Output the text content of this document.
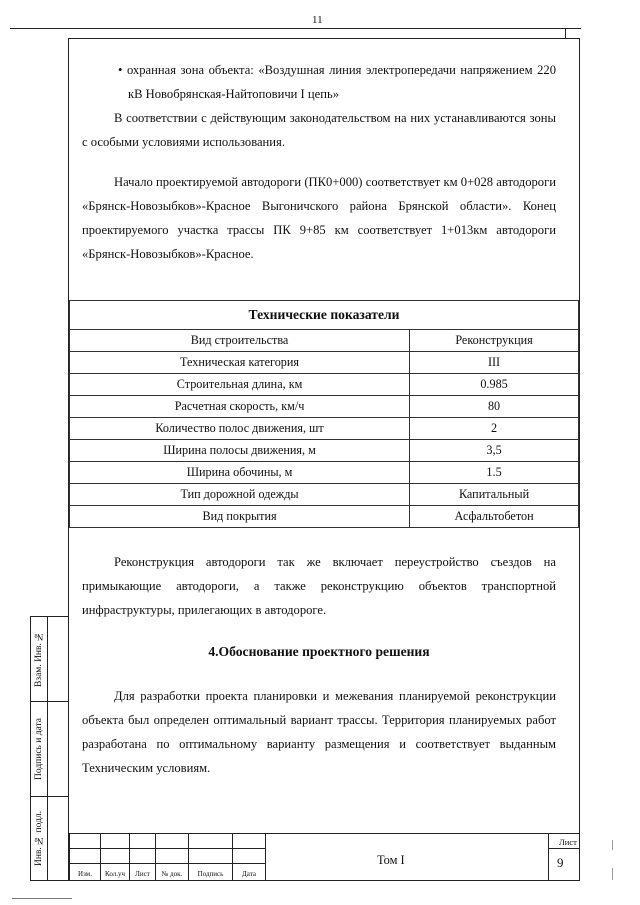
11

• охранная зона объекта: «Воздушная линия электропередачи напряжением 220 кВ Новобрянская-Найтоповичи I цепь»

В соответствии с действующим законодательством на них устанавливаются зоны с особыми условиями использования.

Начало проектируемой автодороги (ПК0+000) соответствует км 0+028 автодороги «Брянск-Новозыбков»-Красное Выгоничского района Брянской области». Конец проектируемого участка трассы ПК 9+85 км соответствует 1+013км автодороги «Брянск-Новозыбков»-Красное.

Технические показатели	
Вид строительства	Реконструкция
Техническая категория	III
Строительная длина, км	0.985
Расчетная скорость, км/ч	80
Количество полос движения, шт	2
Ширина полосы движения, м	3,5
Ширина обочины, м	1.5
Тип дорожной одежды	Капитальный
Вид покрытия	Асфальтобетон

Реконструкция автодороги так же включает переустройство съездов на примыкающие автодороги, а также реконструкцию объектов транспортной инфраструктуры, прилегающих в автодороге.

4.Обоснование проектного решения

Для разработки проекта планировки и межевания планируемой реконструкции объекта был определен оптимальный вариант трассы. Территория планируемых работ разработана по оптимальному варианту размещения и соответствует выданным Техническим условиям.

Взам. Инв. №
Подпись и дата
Инв. № подл.
Изм.	Кол.уч	Лист	№ док.	Подпись	Дата
Том I
Лист
9
